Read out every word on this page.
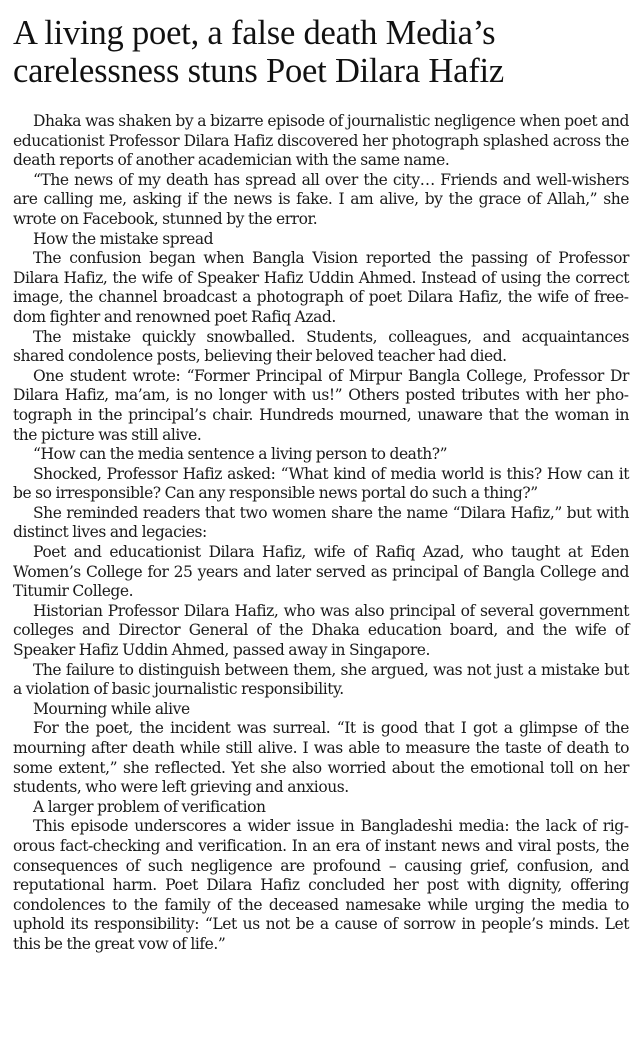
A living poet, a false death Media’s carelessness stuns Poet Dilara Hafiz

Dhaka was shaken by a bizarre episode of journalistic negligence when poet and educationist Professor Dilara Hafiz discovered her photograph splashed across the death reports of another academician with the same name.

“The news of my death has spread all over the city… Friends and well-wishers are calling me, asking if the news is fake. I am alive, by the grace of Allah,” she wrote on Facebook, stunned by the error.

How the mistake spread

The confusion began when Bangla Vision reported the passing of Professor Dilara Hafiz, the wife of Speaker Hafiz Uddin Ahmed. Instead of using the correct image, the channel broadcast a photograph of poet Dilara Hafiz, the wife of freedom fighter and renowned poet Rafiq Azad.

The mistake quickly snowballed. Students, colleagues, and acquaintances shared condolence posts, believing their beloved teacher had died.

One student wrote: “Former Principal of Mirpur Bangla College, Professor Dr Dilara Hafiz, ma’am, is no longer with us!” Others posted tributes with her photograph in the principal’s chair. Hundreds mourned, unaware that the woman in the picture was still alive.

“How can the media sentence a living person to death?”

Shocked, Professor Hafiz asked: “What kind of media world is this? How can it be so irresponsible? Can any responsible news portal do such a thing?”

She reminded readers that two women share the name “Dilara Hafiz,” but with distinct lives and legacies:

Poet and educationist Dilara Hafiz, wife of Rafiq Azad, who taught at Eden Women’s College for 25 years and later served as principal of Bangla College and Titumir College.

Historian Professor Dilara Hafiz, who was also principal of several government colleges and Director General of the Dhaka education board, and the wife of Speaker Hafiz Uddin Ahmed, passed away in Singapore.

The failure to distinguish between them, she argued, was not just a mistake but a violation of basic journalistic responsibility.

Mourning while alive

For the poet, the incident was surreal. “It is good that I got a glimpse of the mourning after death while still alive. I was able to measure the taste of death to some extent,” she reflected. Yet she also worried about the emotional toll on her students, who were left grieving and anxious.

A larger problem of verification

This episode underscores a wider issue in Bangladeshi media: the lack of rigorous fact-checking and verification. In an era of instant news and viral posts, the consequences of such negligence are profound – causing grief, confusion, and reputational harm. Poet Dilara Hafiz concluded her post with dignity, offering condolences to the family of the deceased namesake while urging the media to uphold its responsibility: “Let us not be a cause of sorrow in people’s minds. Let this be the great vow of life.”
